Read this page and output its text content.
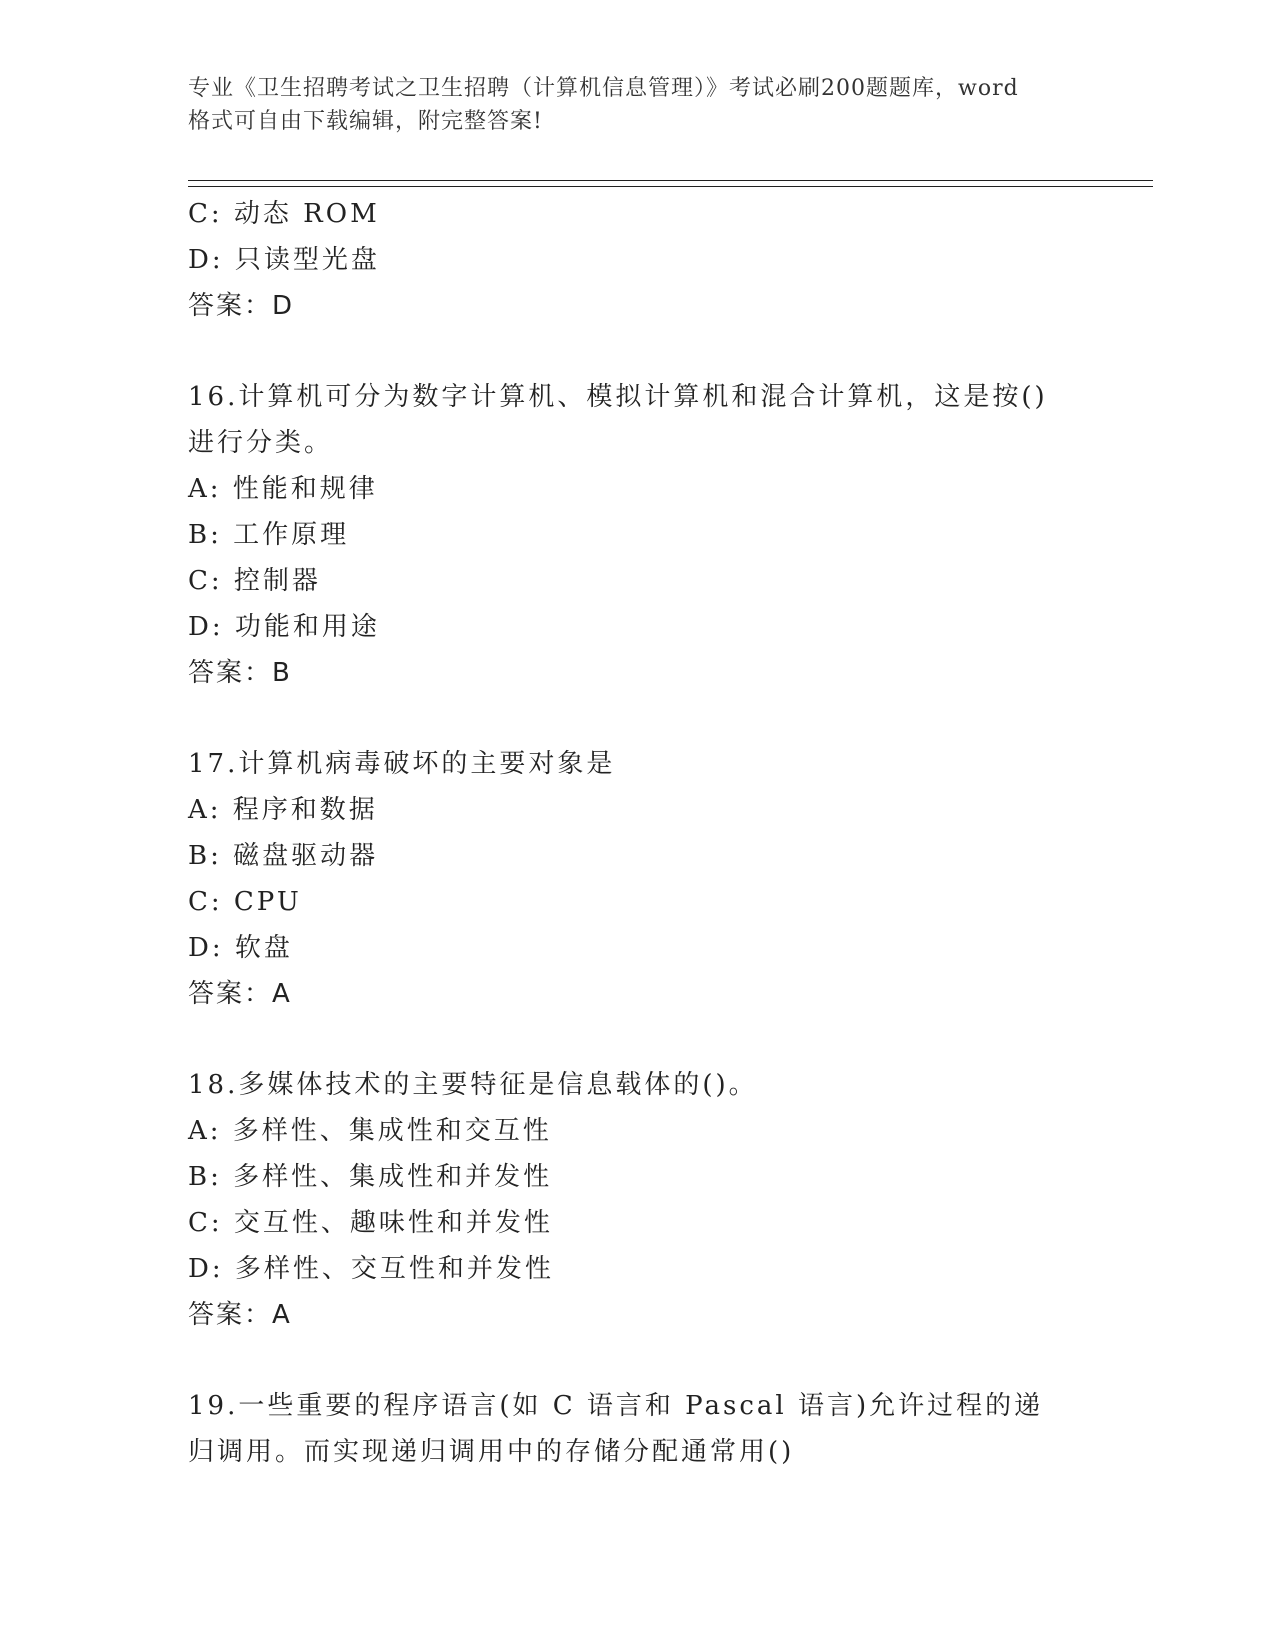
专业《卫生招聘考试之卫生招聘（计算机信息管理）》考试必刷200题题库，word
格式可自由下载编辑，附完整答案!
C: 动态 ROM
D: 只读型光盘
答案：D
16.计算机可分为数字计算机、模拟计算机和混合计算机，这是按()进行分类。
A: 性能和规律
B: 工作原理
C: 控制器
D: 功能和用途
答案：B
17.计算机病毒破坏的主要对象是
A: 程序和数据
B: 磁盘驱动器
C: CPU
D: 软盘
答案：A
18.多媒体技术的主要特征是信息载体的()。
A: 多样性、集成性和交互性
B: 多样性、集成性和并发性
C: 交互性、趣味性和并发性
D: 多样性、交互性和并发性
答案：A
19.一些重要的程序语言(如 C 语言和 Pascal 语言)允许过程的递归调用。而实现递归调用中的存储分配通常用()
